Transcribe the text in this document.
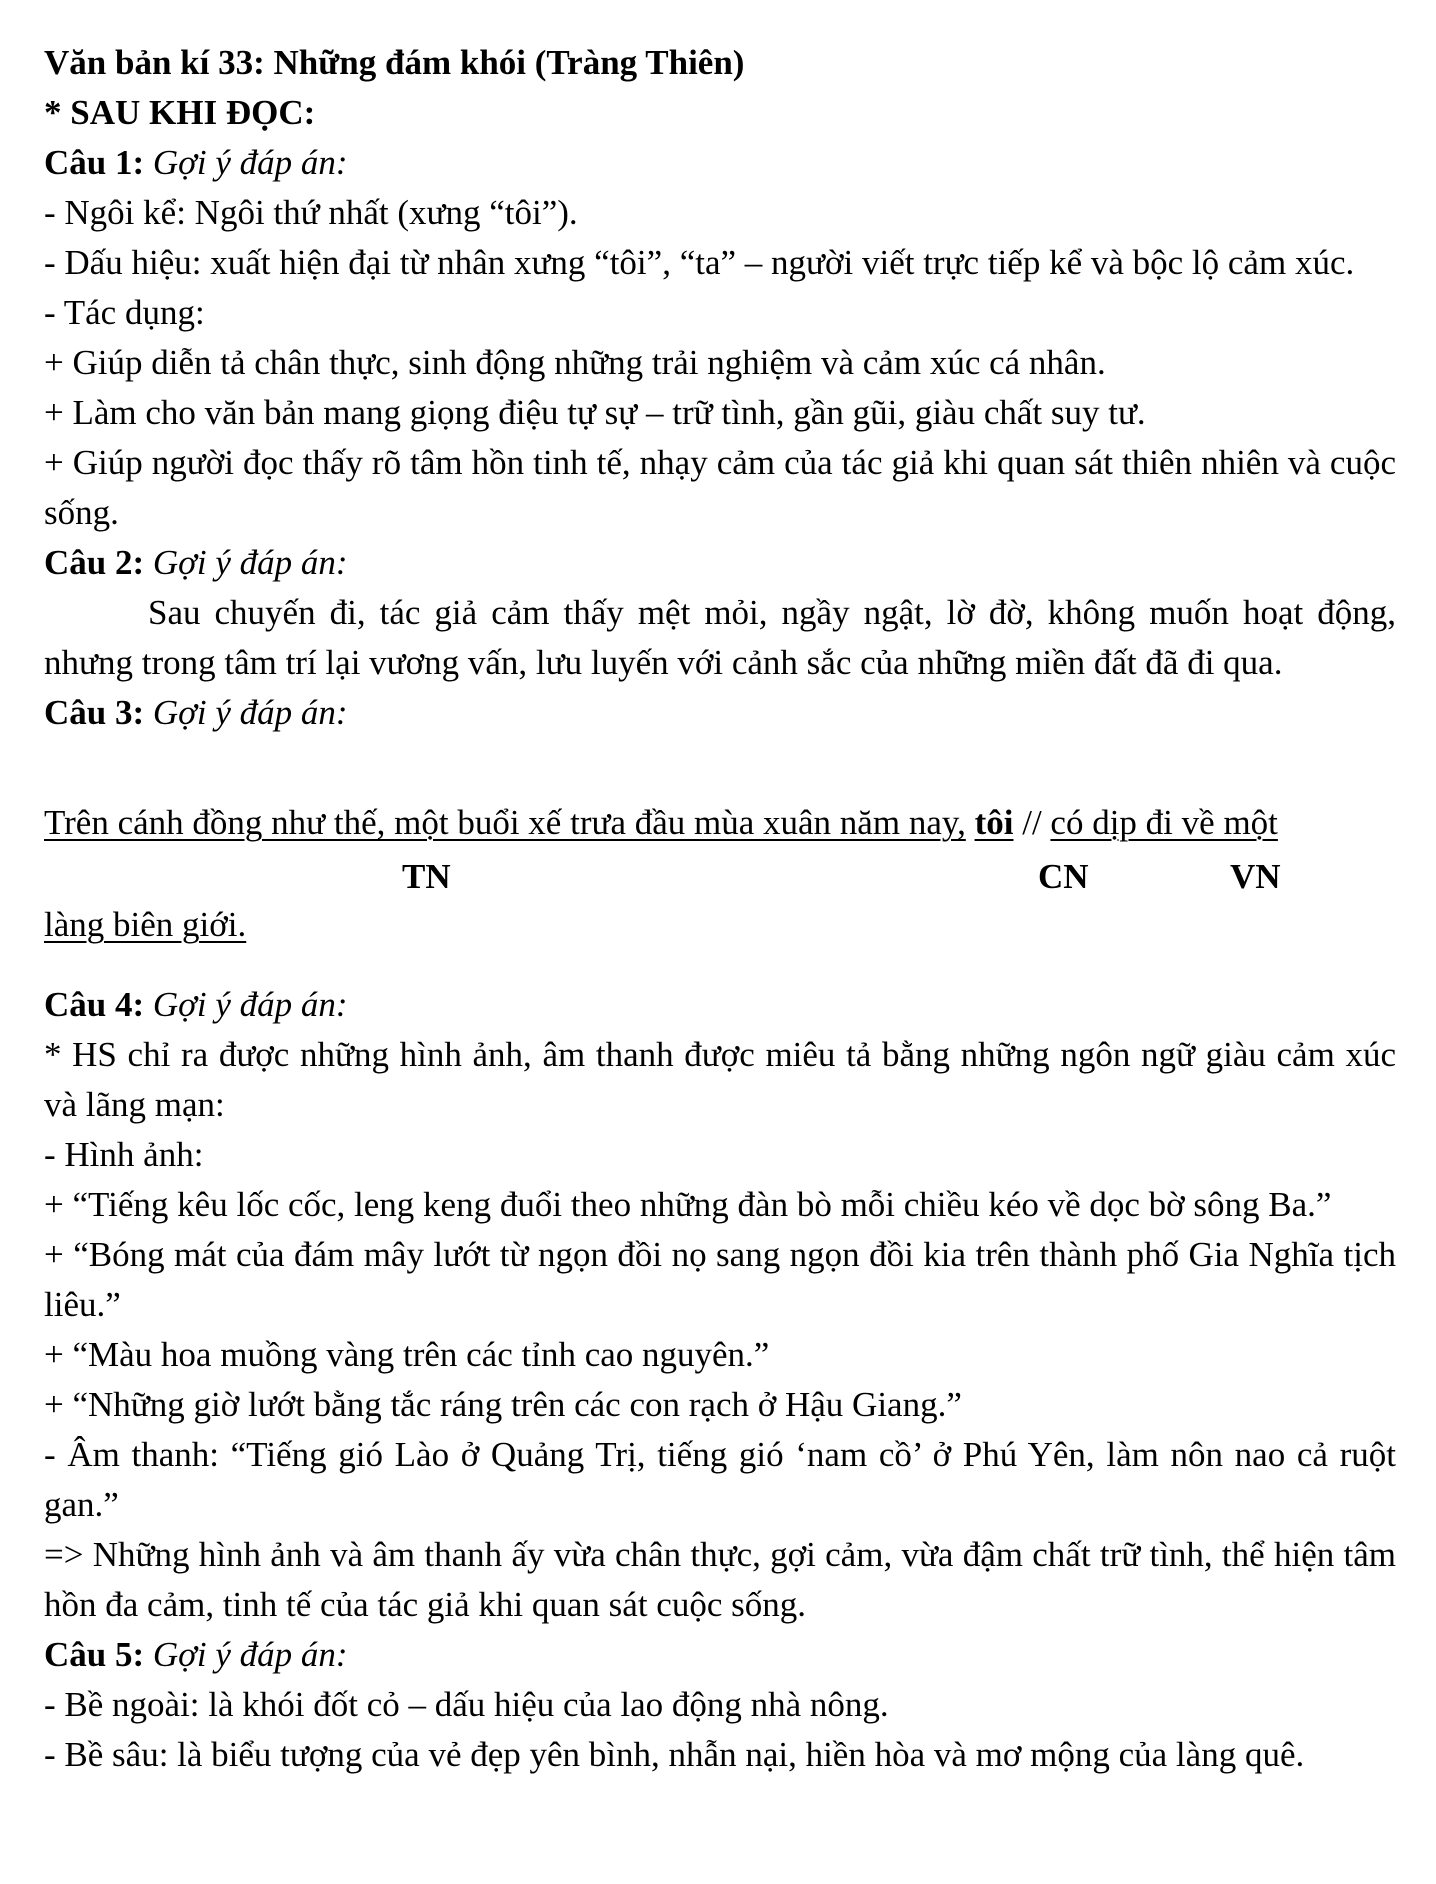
Văn bản kí 33: Những đám khói (Tràng Thiên)

* SAU KHI ĐỌC:

Câu 1: Gợi ý đáp án:

- Ngôi kể: Ngôi thứ nhất (xưng “tôi”).

- Dấu hiệu: xuất hiện đại từ nhân xưng “tôi”, “ta” – người viết trực tiếp kể và bộc lộ cảm xúc.

- Tác dụng:

+ Giúp diễn tả chân thực, sinh động những trải nghiệm và cảm xúc cá nhân.

+ Làm cho văn bản mang giọng điệu tự sự – trữ tình, gần gũi, giàu chất suy tư.

+ Giúp người đọc thấy rõ tâm hồn tinh tế, nhạy cảm của tác giả khi quan sát thiên nhiên và cuộc sống.

Câu 2: Gợi ý đáp án:

Sau chuyến đi, tác giả cảm thấy mệt mỏi, ngầy ngật, lờ đờ, không muốn hoạt động, nhưng trong tâm trí lại vương vấn, lưu luyến với cảnh sắc của những miền đất đã đi qua.

Câu 3: Gợi ý đáp án:

Trên cánh đồng như thế, một buổi xế trưa đầu mùa xuân năm nay, tôi // có dịp đi về một
TN	CN	VN
làng biên giới.

Câu 4: Gợi ý đáp án:

* HS chỉ ra được những hình ảnh, âm thanh được miêu tả bằng những ngôn ngữ giàu cảm xúc và lãng mạn:

- Hình ảnh:

+ “Tiếng kêu lốc cốc, leng keng đuổi theo những đàn bò mỗi chiều kéo về dọc bờ sông Ba.”

+ “Bóng mát của đám mây lướt từ ngọn đồi nọ sang ngọn đồi kia trên thành phố Gia Nghĩa tịch liêu.”

+ “Màu hoa muồng vàng trên các tỉnh cao nguyên.”

+ “Những giờ lướt bằng tắc ráng trên các con rạch ở Hậu Giang.”

- Âm thanh: “Tiếng gió Lào ở Quảng Trị, tiếng gió ‘nam cồ’ ở Phú Yên, làm nôn nao cả ruột gan.”

=> Những hình ảnh và âm thanh ấy vừa chân thực, gợi cảm, vừa đậm chất trữ tình, thể hiện tâm hồn đa cảm, tinh tế của tác giả khi quan sát cuộc sống.

Câu 5: Gợi ý đáp án:

- Bề ngoài: là khói đốt cỏ – dấu hiệu của lao động nhà nông.

- Bề sâu: là biểu tượng của vẻ đẹp yên bình, nhẫn nại, hiền hòa và mơ mộng của làng quê.
